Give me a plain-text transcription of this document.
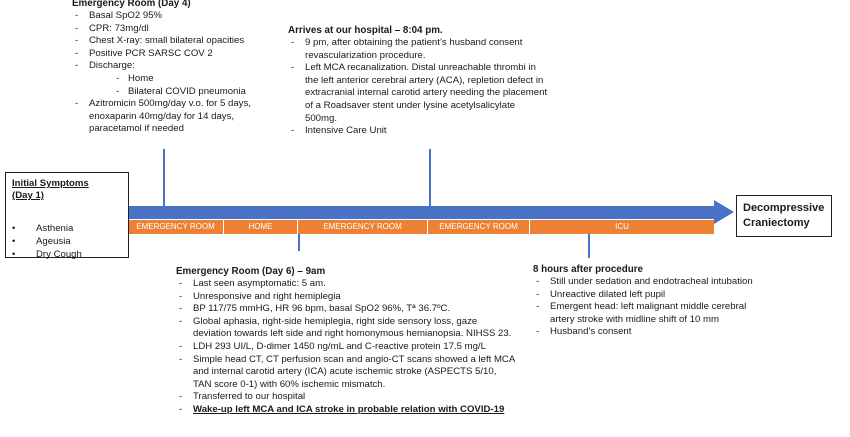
Emergency Room (Day 4)
- Basal SpO2 95%
- CPR: 73mg/dl
- Chest X-ray: small bilateral opacities
- Positive PCR SARSC COV 2
- Discharge:
- Home
- Bilateral COVID pneumonia
- Azitromicin 500mg/day v.o. for 5 days, enoxaparin 40mg/day for 14 days, paracetamol if needed
Arrives at our hospital – 8:04 pm.
- 9 pm, after obtaining the patient’s husband consent revascularization procedure.
- Left MCA recanalization. Distal unreachable thrombi in the left anterior cerebral artery (ACA), repletion defect in extracranial internal carotid artery needing the placement of a Roadsaver stent under lysine acetylsalicylate 500mg.
- Intensive Care Unit
EMERGENCY ROOM	HOME	EMERGENCY ROOM	EMERGENCY ROOM	ICU
Initial Symptoms
(Day 1)
• Asthenia
• Ageusia
• Dry Cough
Decompressive
Craniectomy
Emergency Room (Day 6) – 9am
- Last seen asymptomatic: 5 am.
- Unresponsive and right hemiplegia
- BP 117/75 mmHG, HR 96 bpm, basal SpO2 96%, Tª 36.7ºC.
- Global aphasia, right-side hemiplegia, right side sensory loss, gaze deviation towards left side and right homonymous hemianopsia. NIHSS 23.
- LDH 293 UI/L, D-dimer 1450 ng/mL and C-reactive protein 17.5 mg/L
- Simple head CT, CT perfusion scan and angio-CT scans showed a left MCA and internal carotid artery (ICA) acute ischemic stroke (ASPECTS 5/10, TAN score 0-1) with 60% ischemic mismatch.
- Transferred to our hospital
- Wake-up left MCA and ICA stroke in probable relation with COVID-19
8 hours after procedure
- Still under sedation and endotracheal intubation
- Unreactive dilated left pupil
- Emergent head: left malignant middle cerebral artery stroke with midline shift of 10 mm
- Husband’s consent
